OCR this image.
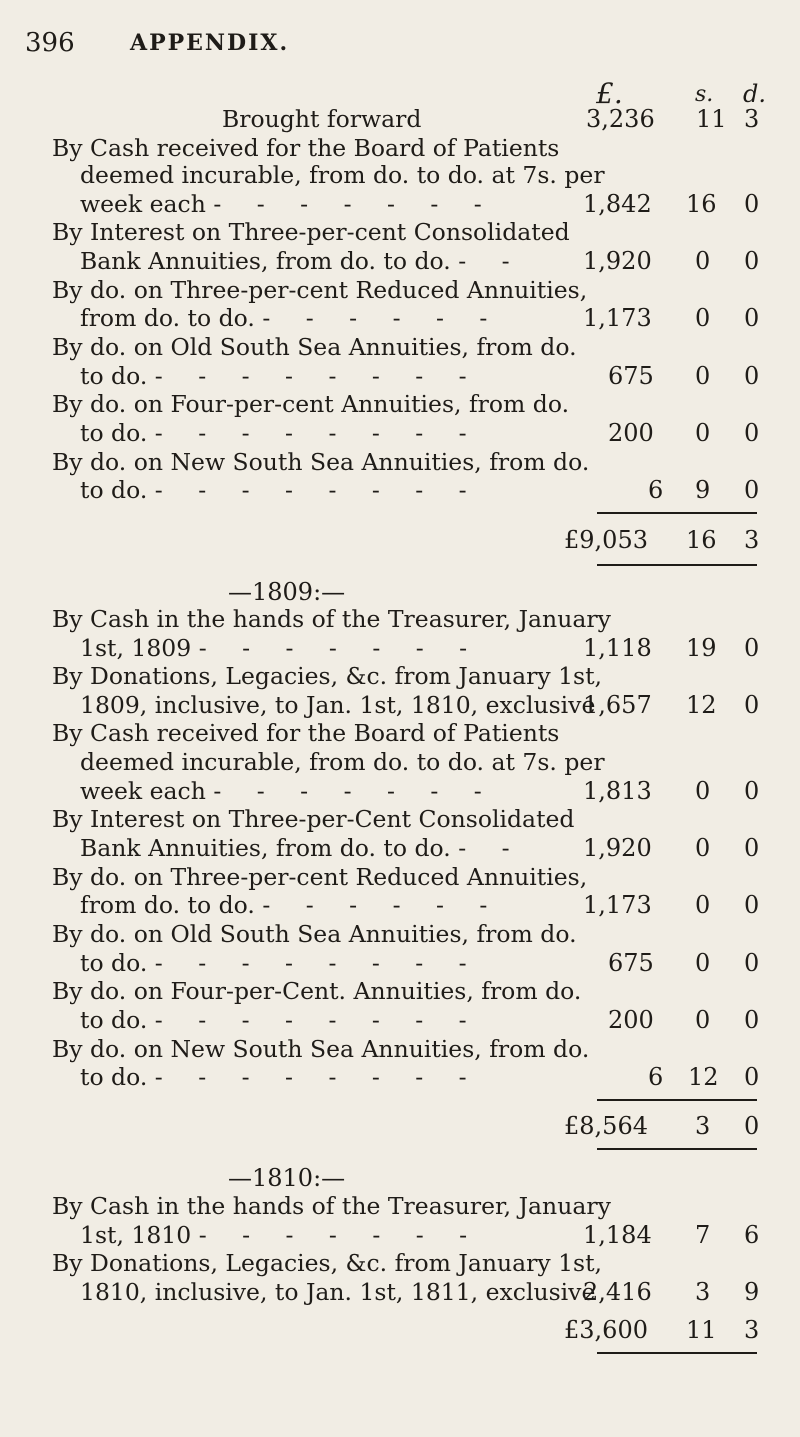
396	APPENDIX.
£.	s. d.
Brought forward	3,236 11 3
By Cash received for the Board of Patients
deemed incurable, from do. to do. at 7s. per
week each - - - - - - -	1,842 16 0
By Interest on Three-per-cent Consolidated
Bank Annuities, from do. to do. - -	1,920 0 0
By do. on Three-per-cent Reduced Annuities,
from do. to do. - - - - - -	1,173 0 0
By do. on Old South Sea Annuities, from do.
to do. - - - - - - - -	675 0 0
By do. on Four-per-cent Annuities, from do.
to do. - - - - - - - -	200 0 0
By do. on New South Sea Annuities, from do.
to do. - - - - - - - -	6 9 0
£9,053 16 3
—1809:—
By Cash in the hands of the Treasurer, January
1st, 1809 - - - - - - -	1,118 19 0
By Donations, Legacies, &c. from January 1st,
1809, inclusive, to Jan. 1st, 1810, exclusive
1,657 12 0
By Cash received for the Board of Patients
deemed incurable, from do. to do. at 7s. per
week each - - - - - - -	1,813 0 0
By Interest on Three-per-Cent Consolidated
Bank Annuities, from do. to do. - -	1,920 0 0
By do. on Three-per-cent Reduced Annuities,
from do. to do. - - - - - -	1,173 0 0
By do. on Old South Sea Annuities, from do.
to do. - - - - - - - -	675 0 0
By do. on Four-per-Cent. Annuities, from do.
to do. - - - - - - - -	200 0 0
By do. on New South Sea Annuities, from do.
to do. - - - - - - - -	6 12 0
£8,564 3 0
—1810:—
By Cash in the hands of the Treasurer, January
1st, 1810 - - - - - - -	1,184 7 6
By Donations, Legacies, &c. from January 1st,
1810, inclusive, to Jan. 1st, 1811, exclusive
2,416 3 9
£3,600 11 3
